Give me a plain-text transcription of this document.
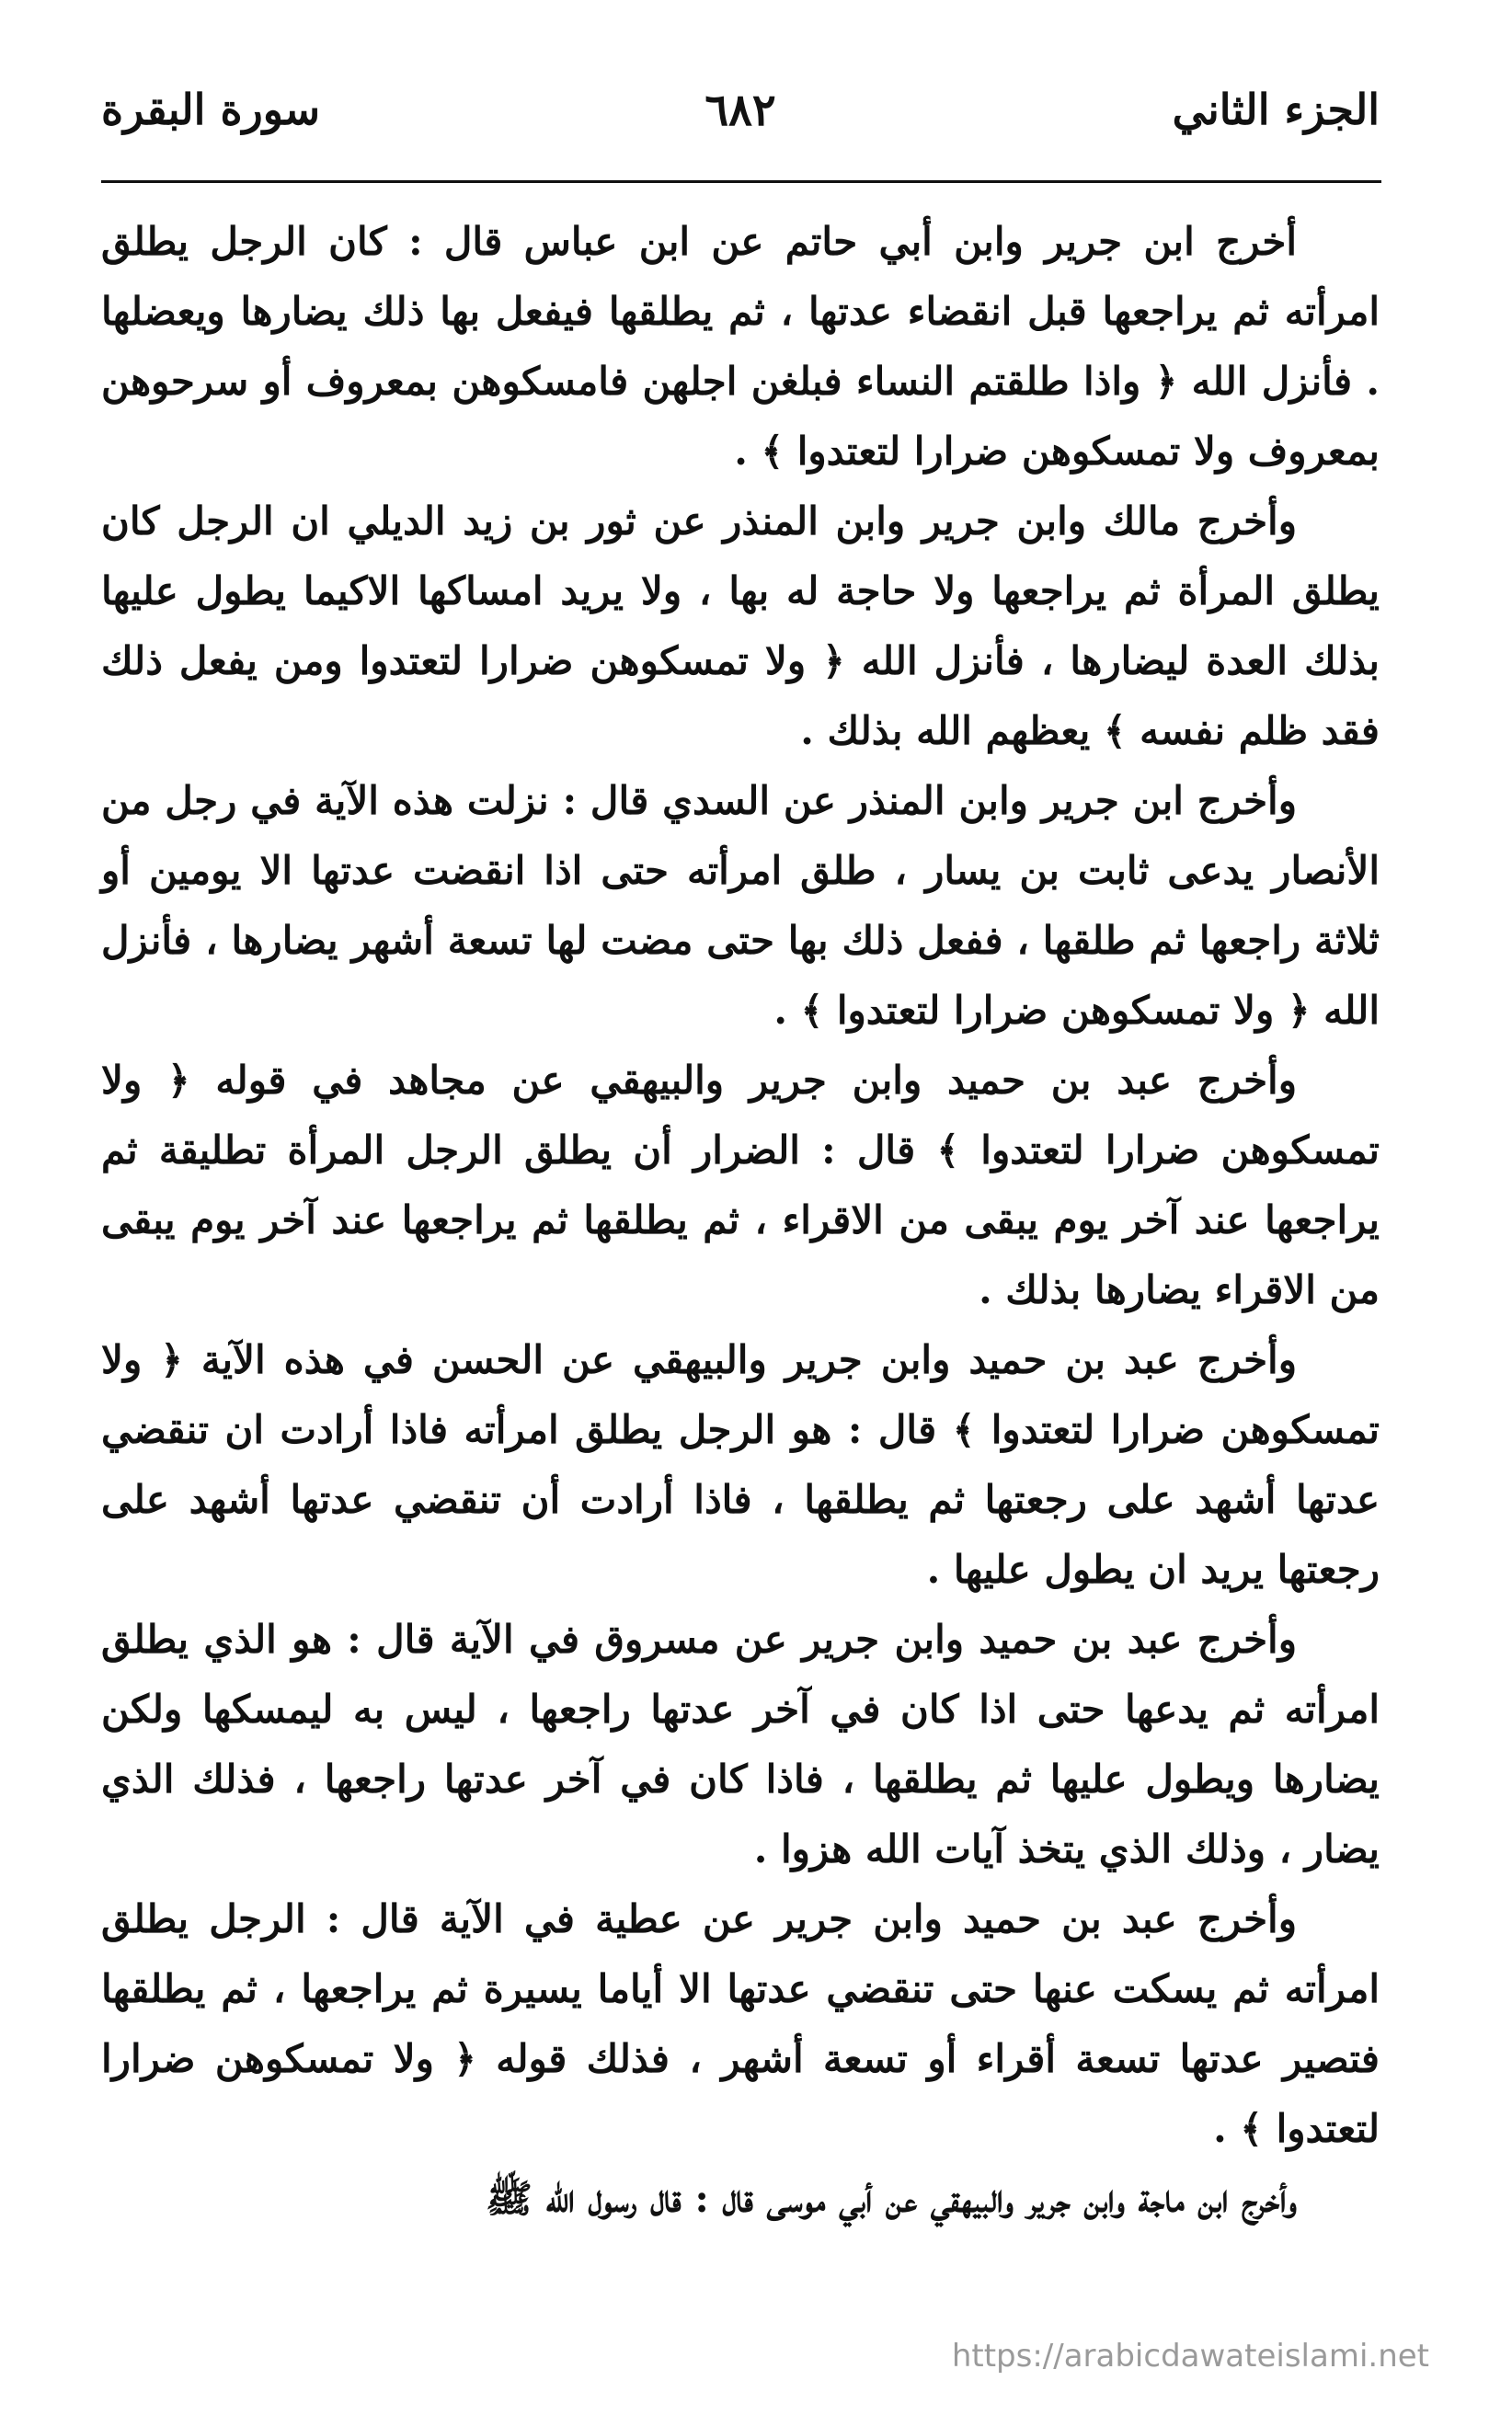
الجزء الثاني
٦٨٢
سورة البقرة

أخرج ابن جرير وابن أبي حاتم عن ابن عباس قال : كان الرجل يطلق امرأته ثم يراجعها قبل انقضاء عدتها ، ثم يطلقها فيفعل بها ذلك يضارها ويعضلها . فأنزل الله ﴿ واذا طلقتم النساء فبلغن اجلهن فامسكوهن بمعروف أو سرحوهن بمعروف ولا تمسكوهن ضرارا لتعتدوا ﴾ .

وأخرج مالك وابن جرير وابن المنذر عن ثور بن زيد الديلي ان الرجل كان يطلق المرأة ثم يراجعها ولا حاجة له بها ، ولا يريد امساكها الاكيما يطول عليها بذلك العدة ليضارها ، فأنزل الله ﴿ ولا تمسكوهن ضرارا لتعتدوا ومن يفعل ذلك فقد ظلم نفسه ﴾ يعظهم الله بذلك .

وأخرج ابن جرير وابن المنذر عن السدي قال : نزلت هذه الآية في رجل من الأنصار يدعى ثابت بن يسار ، طلق امرأته حتى اذا انقضت عدتها الا يومين أو ثلاثة راجعها ثم طلقها ، ففعل ذلك بها حتى مضت لها تسعة أشهر يضارها ، فأنزل الله ﴿ ولا تمسكوهن ضرارا لتعتدوا ﴾ .

وأخرج عبد بن حميد وابن جرير والبيهقي عن مجاهد في قوله ﴿ ولا تمسكوهن ضرارا لتعتدوا ﴾ قال : الضرار أن يطلق الرجل المرأة تطليقة ثم يراجعها عند آخر يوم يبقى من الاقراء ، ثم يطلقها ثم يراجعها عند آخر يوم يبقى من الاقراء يضارها بذلك .

وأخرج عبد بن حميد وابن جرير والبيهقي عن الحسن في هذه الآية ﴿ ولا تمسكوهن ضرارا لتعتدوا ﴾ قال : هو الرجل يطلق امرأته فاذا أرادت ان تنقضي عدتها أشهد على رجعتها ثم يطلقها ، فاذا أرادت أن تنقضي عدتها أشهد على رجعتها يريد ان يطول عليها .

وأخرج عبد بن حميد وابن جرير عن مسروق في الآية قال : هو الذي يطلق امرأته ثم يدعها حتى اذا كان في آخر عدتها راجعها ، ليس به ليمسكها ولكن يضارها ويطول عليها ثم يطلقها ، فاذا كان في آخر عدتها راجعها ، فذلك الذي يضار ، وذلك الذي يتخذ آيات الله هزوا .

وأخرج عبد بن حميد وابن جرير عن عطية في الآية قال : الرجل يطلق امرأته ثم يسكت عنها حتى تنقضي عدتها الا أياما يسيرة ثم يراجعها ، ثم يطلقها فتصير عدتها تسعة أقراء أو تسعة أشهر ، فذلك قوله ﴿ ولا تمسكوهن ضرارا لتعتدوا ﴾ .

وأخرج ابن ماجة وابن جرير والبيهقي عن أبي موسى قال : قال رسول الله ﷺ

https://arabicdawateislami.net
